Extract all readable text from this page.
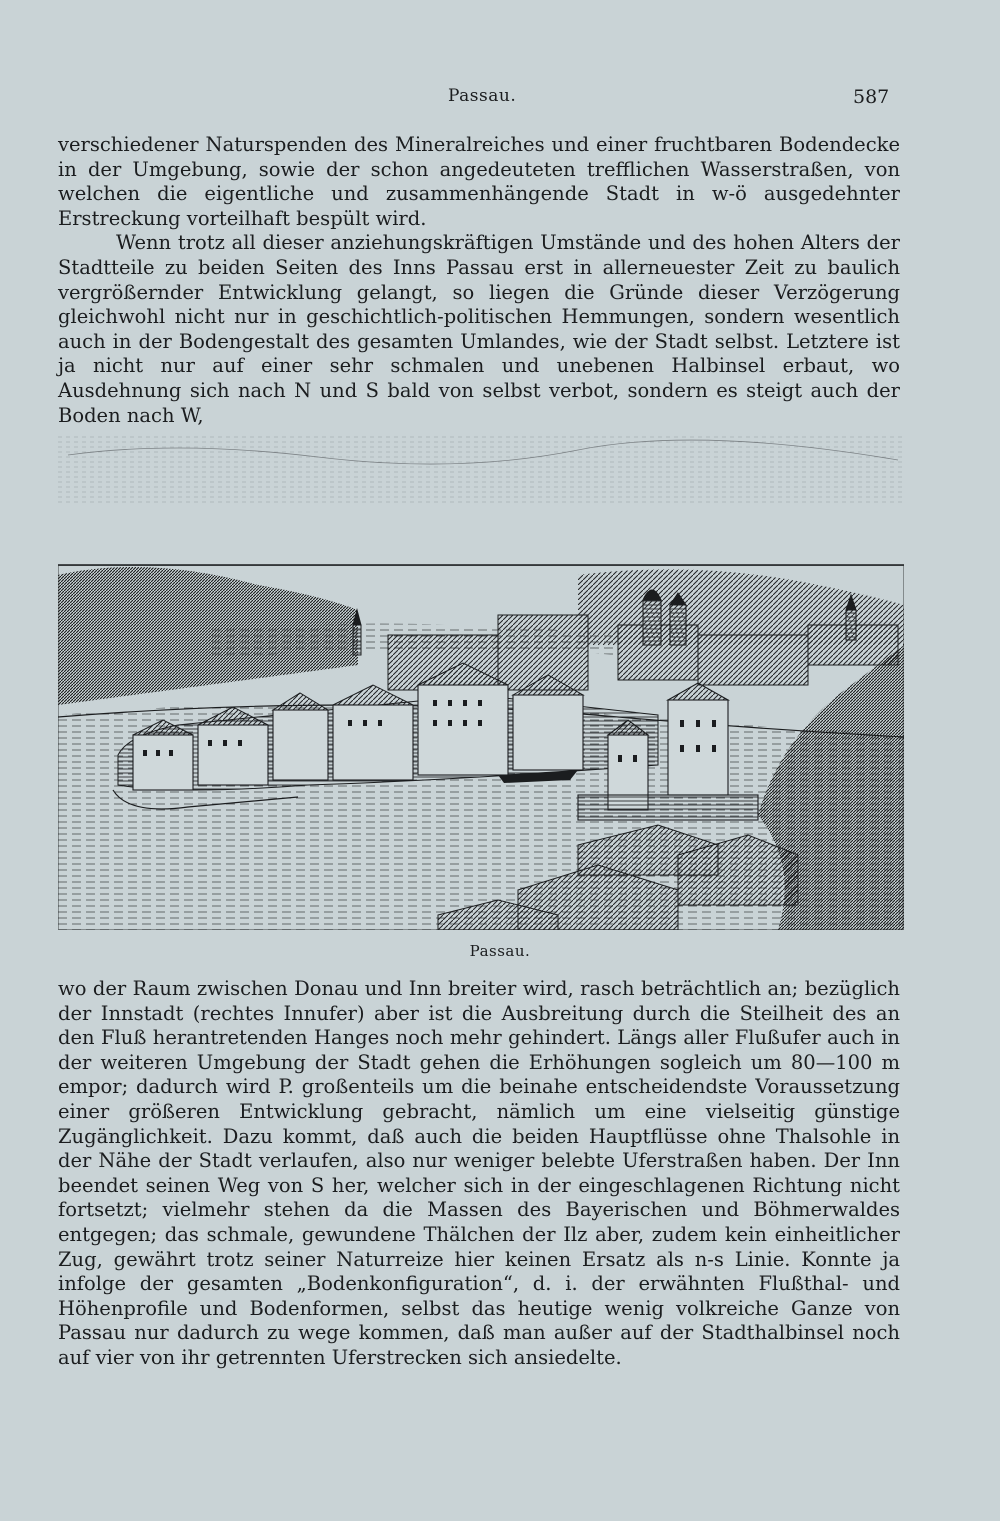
Passau.	587

verschiedener Naturspenden des Mineralreiches und einer fruchtbaren Bodendecke in der Umgebung, sowie der schon angedeuteten trefflichen Wasserstraßen, von welchen die eigentliche und zusammenhängende Stadt in w-ö ausgedehnter Erstreckung vorteilhaft bespült wird.

Wenn trotz all dieser anziehungskräftigen Umstände und des hohen Alters der Stadtteile zu beiden Seiten des Inns Passau erst in allerneuester Zeit zu baulich vergrößernder Entwicklung gelangt, so liegen die Gründe dieser Verzögerung gleichwohl nicht nur in geschichtlich-politischen Hemmungen, sondern wesentlich auch in der Bodengestalt des gesamten Umlandes, wie der Stadt selbst. Letztere ist ja nicht nur auf einer sehr schmalen und unebenen Halbinsel erbaut, wo Ausdehnung sich nach N und S bald von selbst verbot, sondern es steigt auch der Boden nach W,

Passau.

wo der Raum zwischen Donau und Inn breiter wird, rasch beträchtlich an; bezüglich der Innstadt (rechtes Innufer) aber ist die Ausbreitung durch die Steilheit des an den Fluß herantretenden Hanges noch mehr gehindert. Längs aller Flußufer auch in der weiteren Umgebung der Stadt gehen die Erhöhungen sogleich um 80—100 m empor; dadurch wird P. großenteils um die beinahe entscheidendste Voraussetzung einer größeren Entwicklung gebracht, nämlich um eine vielseitig günstige Zugänglichkeit. Dazu kommt, daß auch die beiden Hauptflüsse ohne Thalsohle in der Nähe der Stadt verlaufen, also nur weniger belebte Uferstraßen haben. Der Inn beendet seinen Weg von S her, welcher sich in der eingeschlagenen Richtung nicht fortsetzt; vielmehr stehen da die Massen des Bayerischen und Böhmerwaldes entgegen; das schmale, gewundene Thälchen der Ilz aber, zudem kein einheitlicher Zug, gewährt trotz seiner Naturreize hier keinen Ersatz als n-s Linie. Konnte ja infolge der gesamten „Bodenkonfiguration“, d. i. der erwähnten Flußthal- und Höhenprofile und Bodenformen, selbst das heutige wenig volkreiche Ganze von Passau nur dadurch zu wege kommen, daß man außer auf der Stadthalbinsel noch auf vier von ihr getrennten Uferstrecken sich ansiedelte.
